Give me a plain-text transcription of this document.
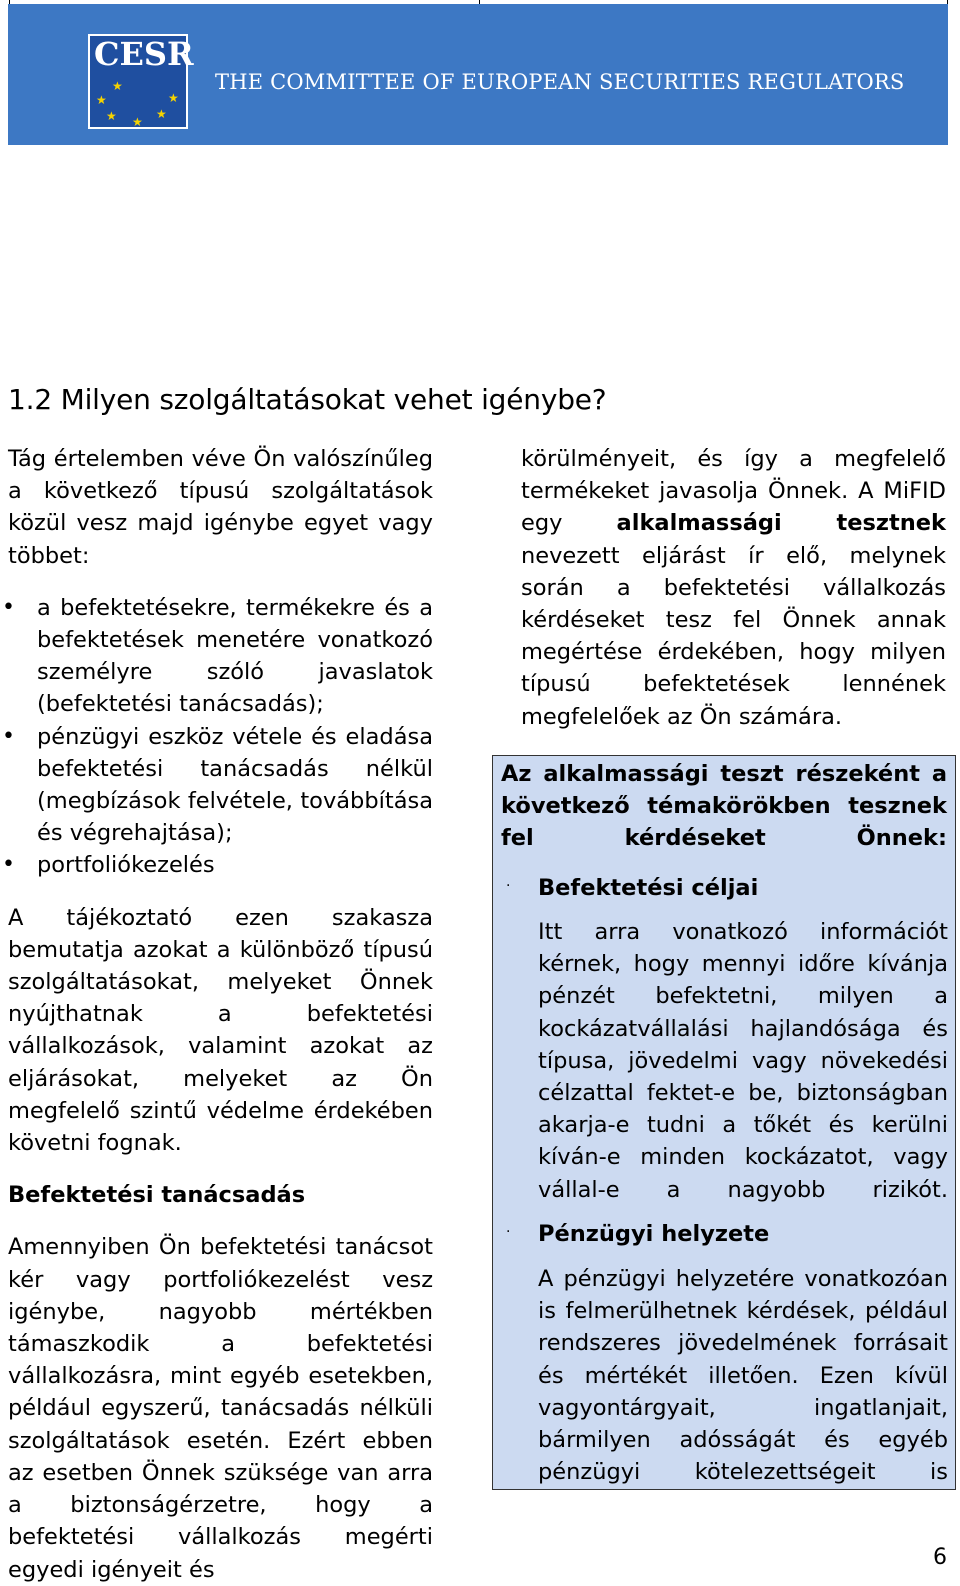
CESR
★
★
★ ★
★
★
THE COMMITTEE OF EUROPEAN SECURITIES REGULATORS
1.2 Milyen szolgáltatásokat vehet igénybe?

Tág értelemben véve Ön valószínűleg a következő típusú szolgáltatások közül vesz majd igénybe egyet vagy többet:

• a befektetésekre, termékekre és a befektetések menetére vonatkozó személyre szóló javaslatok (befektetési tanácsadás);
• pénzügyi eszköz vétele és eladása befektetési tanácsadás nélkül (megbízások felvétele, továbbítása és végrehajtása);
• portfoliókezelés

A tájékoztató ezen szakasza bemutatja azokat a különböző típusú szolgáltatásokat, melyeket Önnek nyújthatnak a befektetési vállalkozások, valamint azokat az eljárásokat, melyeket az Ön megfelelő szintű védelme érdekében követni fognak.

Befektetési tanácsadás

Amennyiben Ön befektetési tanácsot kér vagy portfoliókezelést vesz igénybe, nagyobb mértékben támaszkodik a befektetési vállalkozásra, mint egyéb esetekben, például egyszerű, tanácsadás nélküli szolgáltatások esetén. Ezért ebben az esetben Önnek szüksége van arra a biztonságérzetre, hogy a befektetési vállalkozás megérti egyedi igényeit és

körülményeit, és így a megfelelő termékeket javasolja Önnek. A MiFID egy alkalmassági tesztnek nevezett eljárást ír elő, melynek során a befektetési vállalkozás kérdéseket tesz fel Önnek annak megértése érdekében, hogy milyen típusú befektetések lennének megfelelőek az Ön számára.

Az alkalmassági teszt részeként a következő témakörökben tesznek fel kérdéseket Önnek:
· Befektetési céljai
Itt arra vonatkozó információt kérnek, hogy mennyi időre kívánja pénzét befektetni, milyen a kockázatvállalási hajlandósága és típusa, jövedelmi vagy növekedési célzattal fektet-e be, biztonságban akarja-e tudni a tőkét és kerülni kíván-e minden kockázatot, vagy vállal-e a nagyobb rizikót.
· Pénzügyi helyzete
A pénzügyi helyzetére vonatkozóan is felmerülhetnek kérdések, például rendszeres jövedelmének forrásait és mértékét illetően. Ezen kívül vagyontárgyait, ingatlanjait, bármilyen adósságát és egyéb pénzügyi kötelezettségeit is
6
